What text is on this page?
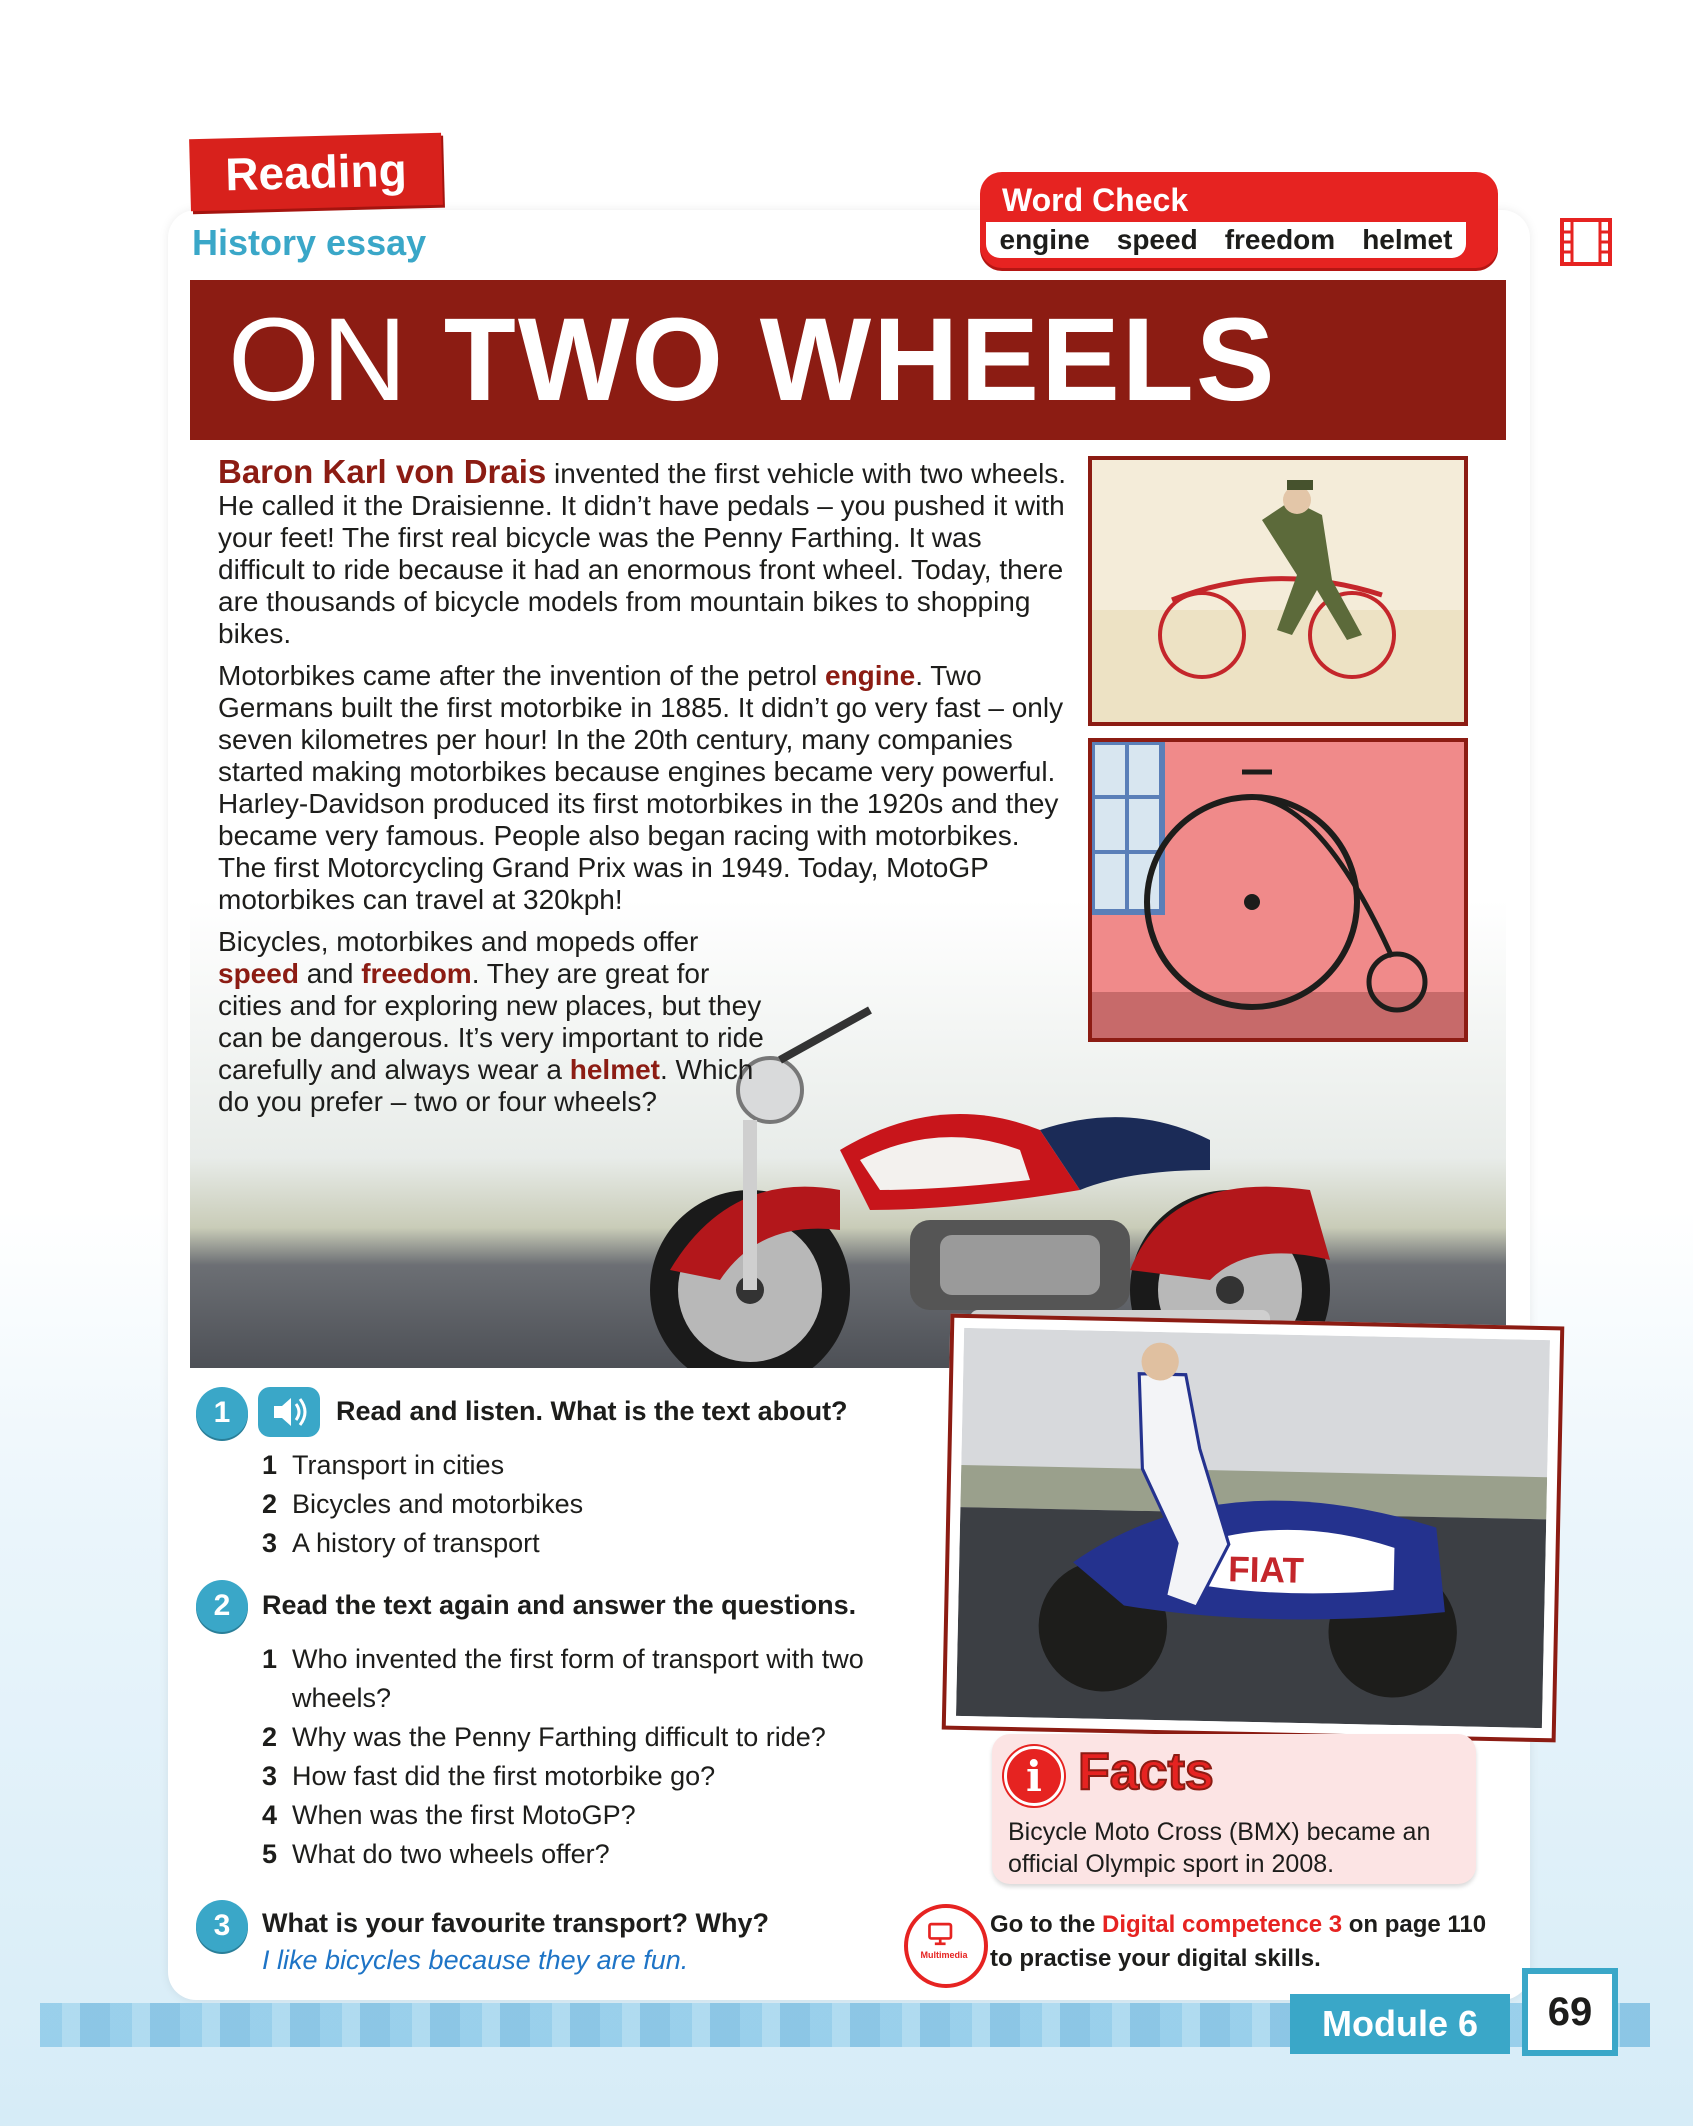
Reading
History essay
Word Check
engine speed freedom helmet
ON TWO WHEELS

Baron Karl von Drais invented the first vehicle with two wheels. He called it the Draisienne. It didn’t have pedals – you pushed it with your feet! The first real bicycle was the Penny Farthing. It was difficult to ride because it had an enormous front wheel. Today, there are thousands of bicycle models from mountain bikes to shopping bikes.

Motorbikes came after the invention of the petrol engine. Two Germans built the first motorbike in 1885. It didn’t go very fast – only seven kilometres per hour! In the 20th century, many companies started making motorbikes because engines became very powerful. Harley-Davidson produced its first motorbikes in the 1920s and they became very famous. People also began racing with motorbikes. The first Motorcycling Grand Prix was in 1949. Today, MotoGP motorbikes can travel at 320kph!

Bicycles, motorbikes and mopeds offer speed and freedom. They are great for cities and for exploring new places, but they can be dangerous. It’s very important to ride carefully and always wear a helmet. Which do you prefer – two or four wheels?

FIAT
1	Read and listen. What is the text about?
1 Transport in cities
2 Bicycles and motorbikes
3 A history of transport
2	Read the text again and answer the questions.
1 Who invented the first form of transport with two wheels?
2 Why was the Penny Farthing difficult to ride?
3 How fast did the first motorbike go?
4 When was the first MotoGP?
5 What do two wheels offer?
3	What is your favourite transport? Why?
I like bicycles because they are fun.
i Facts
Bicycle Moto Cross (BMX) became an official Olympic sport in 2008.
Multimedia
Go to the Digital competence 3 on page 110
to practise your digital skills.
Module 6	69
